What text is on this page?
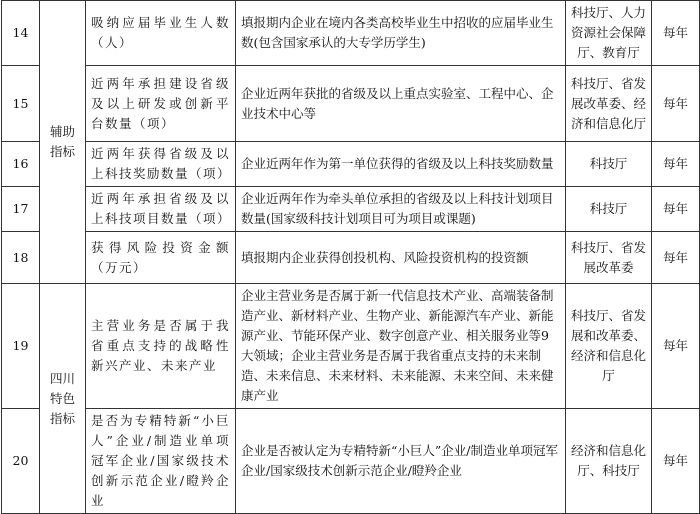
14	辅助指标	吸纳应届毕业生人数（人）	填报期内企业在境内各类高校毕业生中招收的应届毕业生数(包含国家承认的大专学历学生)	科技厅、人力资源社会保障厅、教育厅	每年
15		近两年承担建设省级及以上研发或创新平台数量（项）	企业近两年获批的省级及以上重点实验室、工程中心、企业技术中心等	科技厅、省发展改革委、经济和信息化厅	每年
16		近两年获得省级及以上科技奖励数量（项）	企业近两年作为第一单位获得的省级及以上科技奖励数量	科技厅	每年
17		近两年承担省级及以上科技项目数量（项）	企业近两年作为牵头单位承担的省级及以上科技计划项目数量(国家级科技计划项目可为项目或课题)	科技厅	每年
18		获得风险投资金额（万元）	填报期内企业获得创投机构、风险投资机构的投资额	科技厅、省发展改革委	每年
19	四川特色指标	主营业务是否属于我省重点支持的战略性新兴产业、未来产业	企业主营业务是否属于新一代信息技术产业、高端装备制造产业、新材料产业、生物产业、新能源汽车产业、新能源产业、节能环保产业、数字创意产业、相关服务业等9大领域；企业主营业务是否属于我省重点支持的未来制造、未来信息、未来材料、未来能源、未来空间、未来健康产业	科技厅、省发展和改革委、经济和信息化厅	每年
20		是否为专精特新“小巨人”企业/制造业单项冠军企业/国家级技术创新示范企业/瞪羚企业	企业是否被认定为专精特新“小巨人”企业/制造业单项冠军企业/国家级技术创新示范企业/瞪羚企业	经济和信息化厅、科技厅	每年
